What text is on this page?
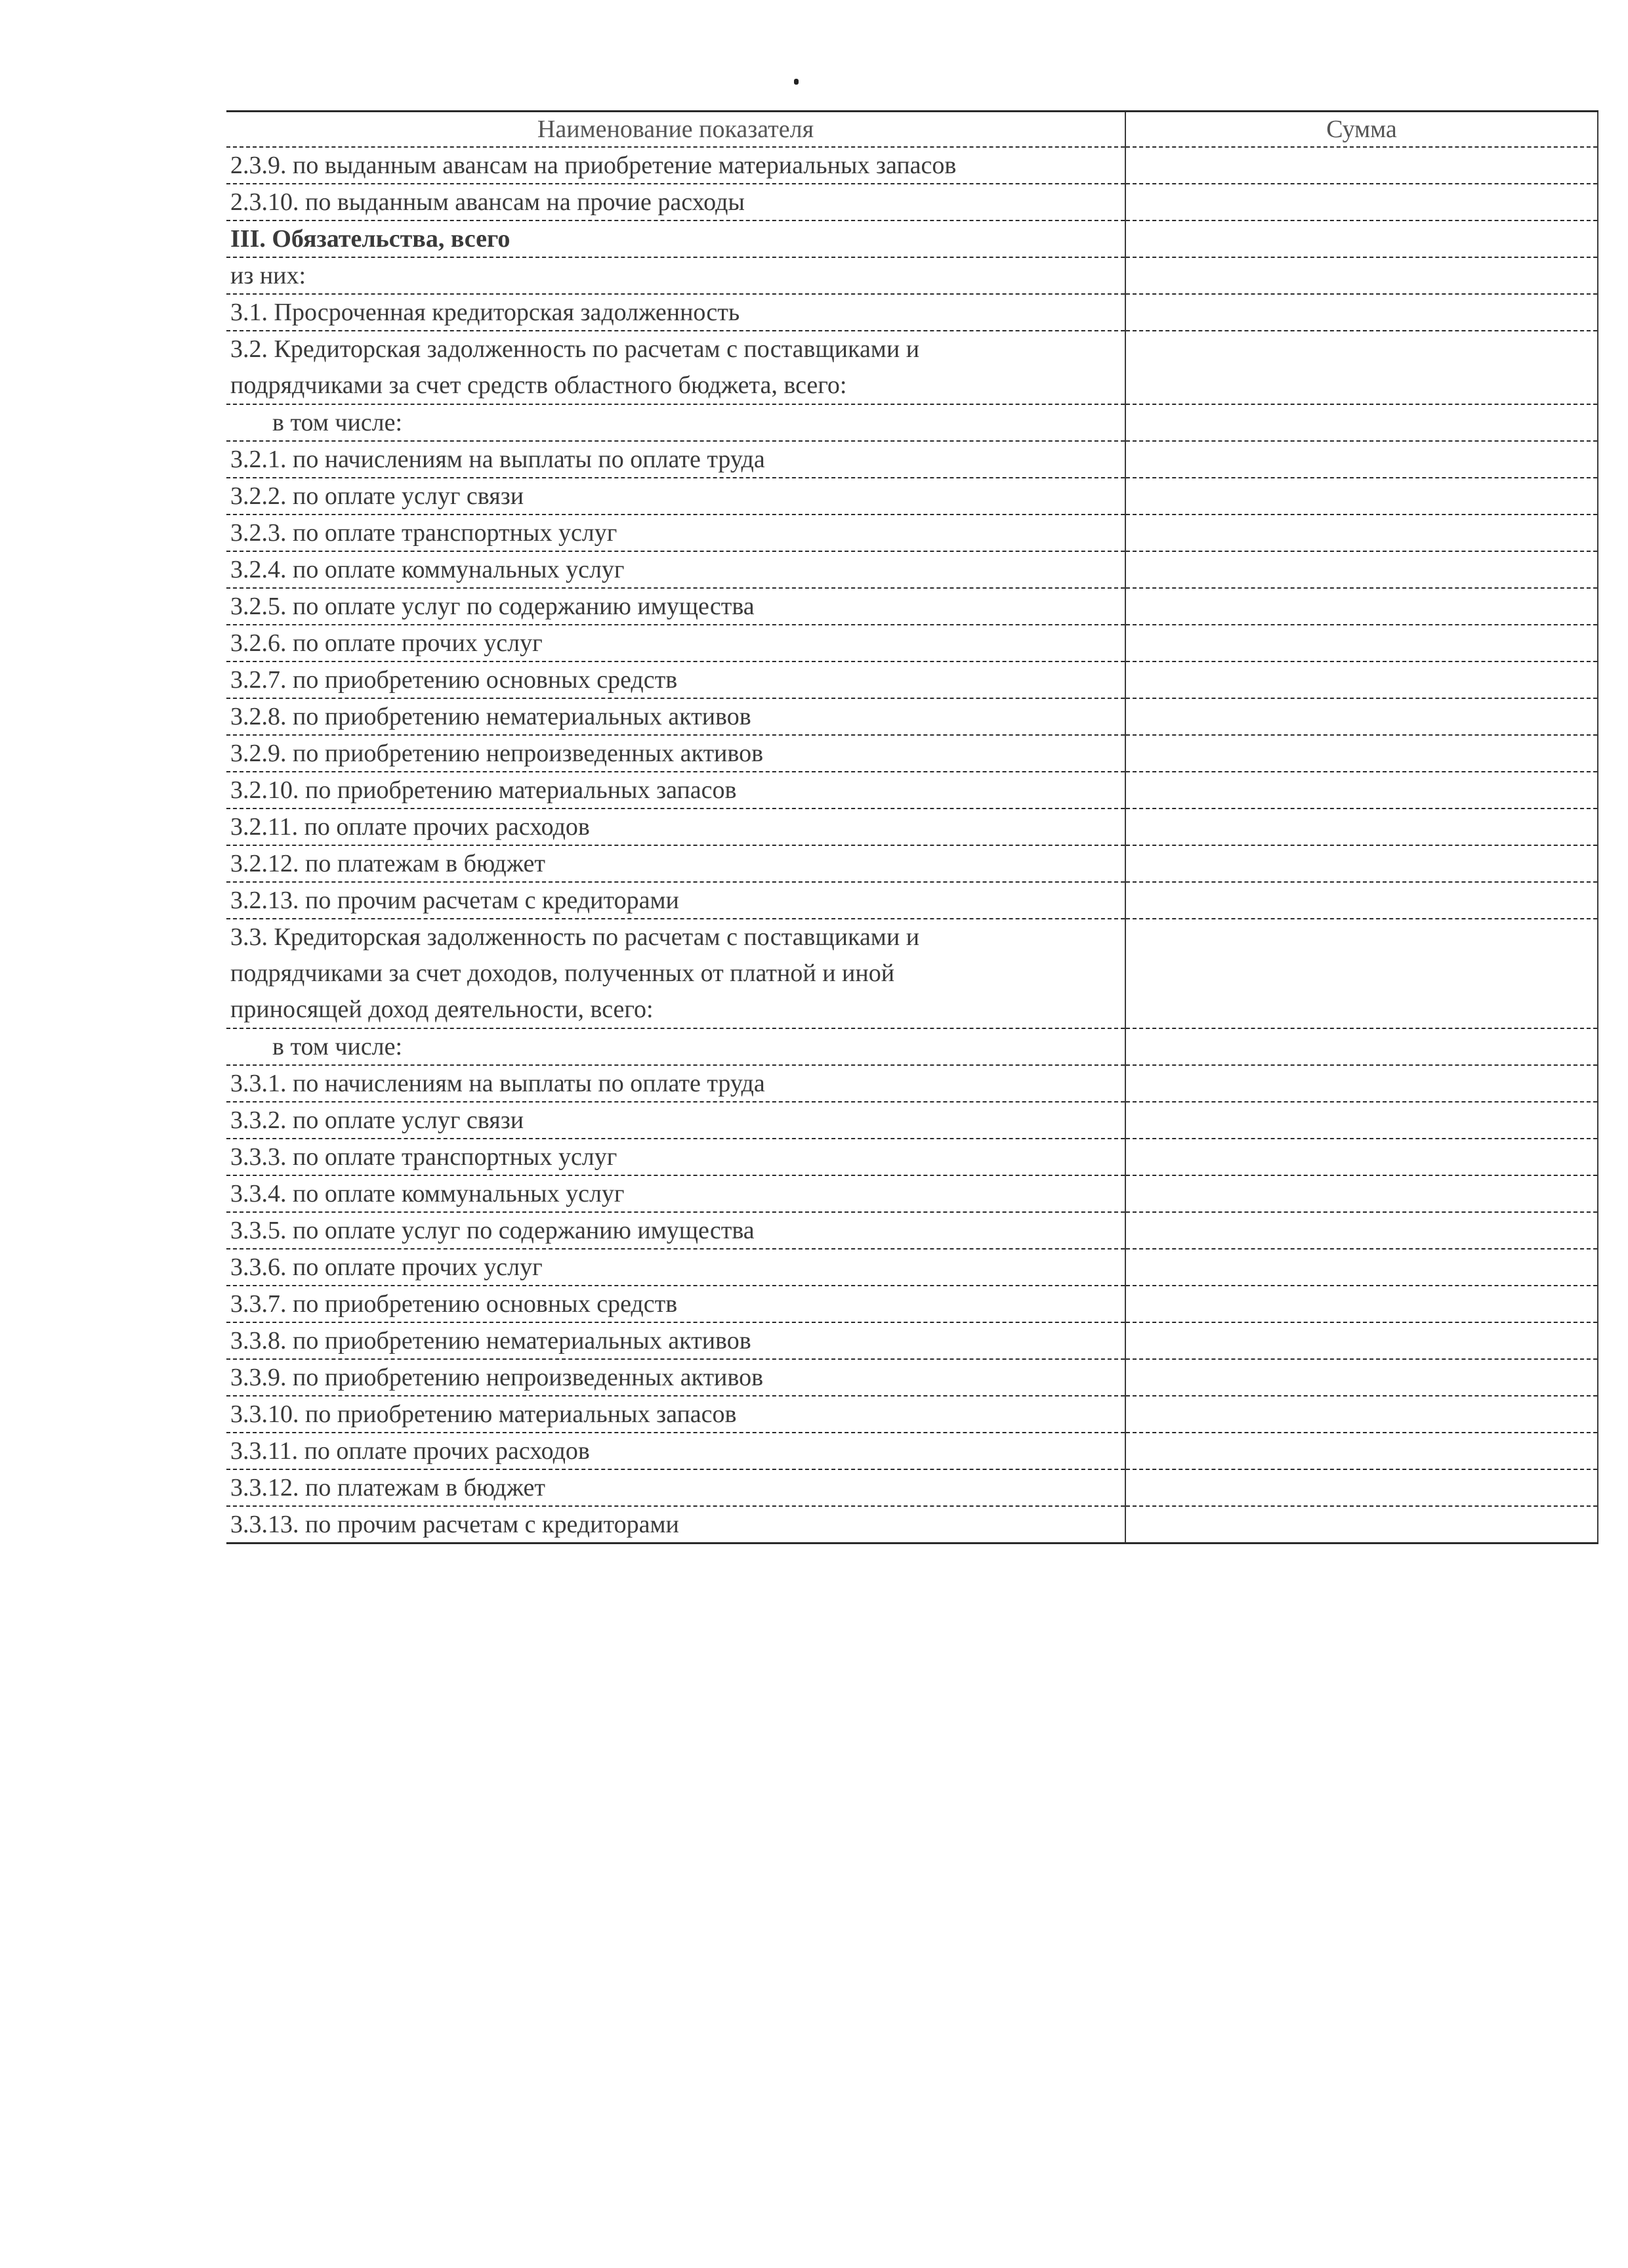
Наименование показателя	Сумма
2.3.9. по выданным авансам на приобретение материальных запасов	
2.3.10. по выданным авансам на прочие расходы	
III. Обязательства, всего	
из них:	
3.1. Просроченная кредиторская задолженность	

3.2. Кредиторская задолженность по расчетам с поставщиками и
подрядчиками за счет средств областного бюджета, всего:	

в том числе:	
3.2.1. по начислениям на выплаты по оплате труда	
3.2.2. по оплате услуг связи	
3.2.3. по оплате транспортных услуг	
3.2.4. по оплате коммунальных услуг	
3.2.5. по оплате услуг по содержанию имущества	
3.2.6. по оплате прочих услуг	
3.2.7. по приобретению основных средств	
3.2.8. по приобретению нематериальных активов	
3.2.9. по приобретению непроизведенных активов	
3.2.10. по приобретению материальных запасов	
3.2.11. по оплате прочих расходов	
3.2.12. по платежам в бюджет	
3.2.13. по прочим расчетам с кредиторами	

3.3. Кредиторская задолженность по расчетам с поставщиками и
подрядчиками за счет доходов, полученных от платной и иной
приносящей доход деятельности, всего:	

в том числе:	
3.3.1. по начислениям на выплаты по оплате труда	
3.3.2. по оплате услуг связи	
3.3.3. по оплате транспортных услуг	
3.3.4. по оплате коммунальных услуг	
3.3.5. по оплате услуг по содержанию имущества	
3.3.6. по оплате прочих услуг	
3.3.7. по приобретению основных средств	
3.3.8. по приобретению нематериальных активов	
3.3.9. по приобретению непроизведенных активов	
3.3.10. по приобретению материальных запасов	
3.3.11. по оплате прочих расходов	
3.3.12. по платежам в бюджет	
3.3.13. по прочим расчетам с кредиторами	
